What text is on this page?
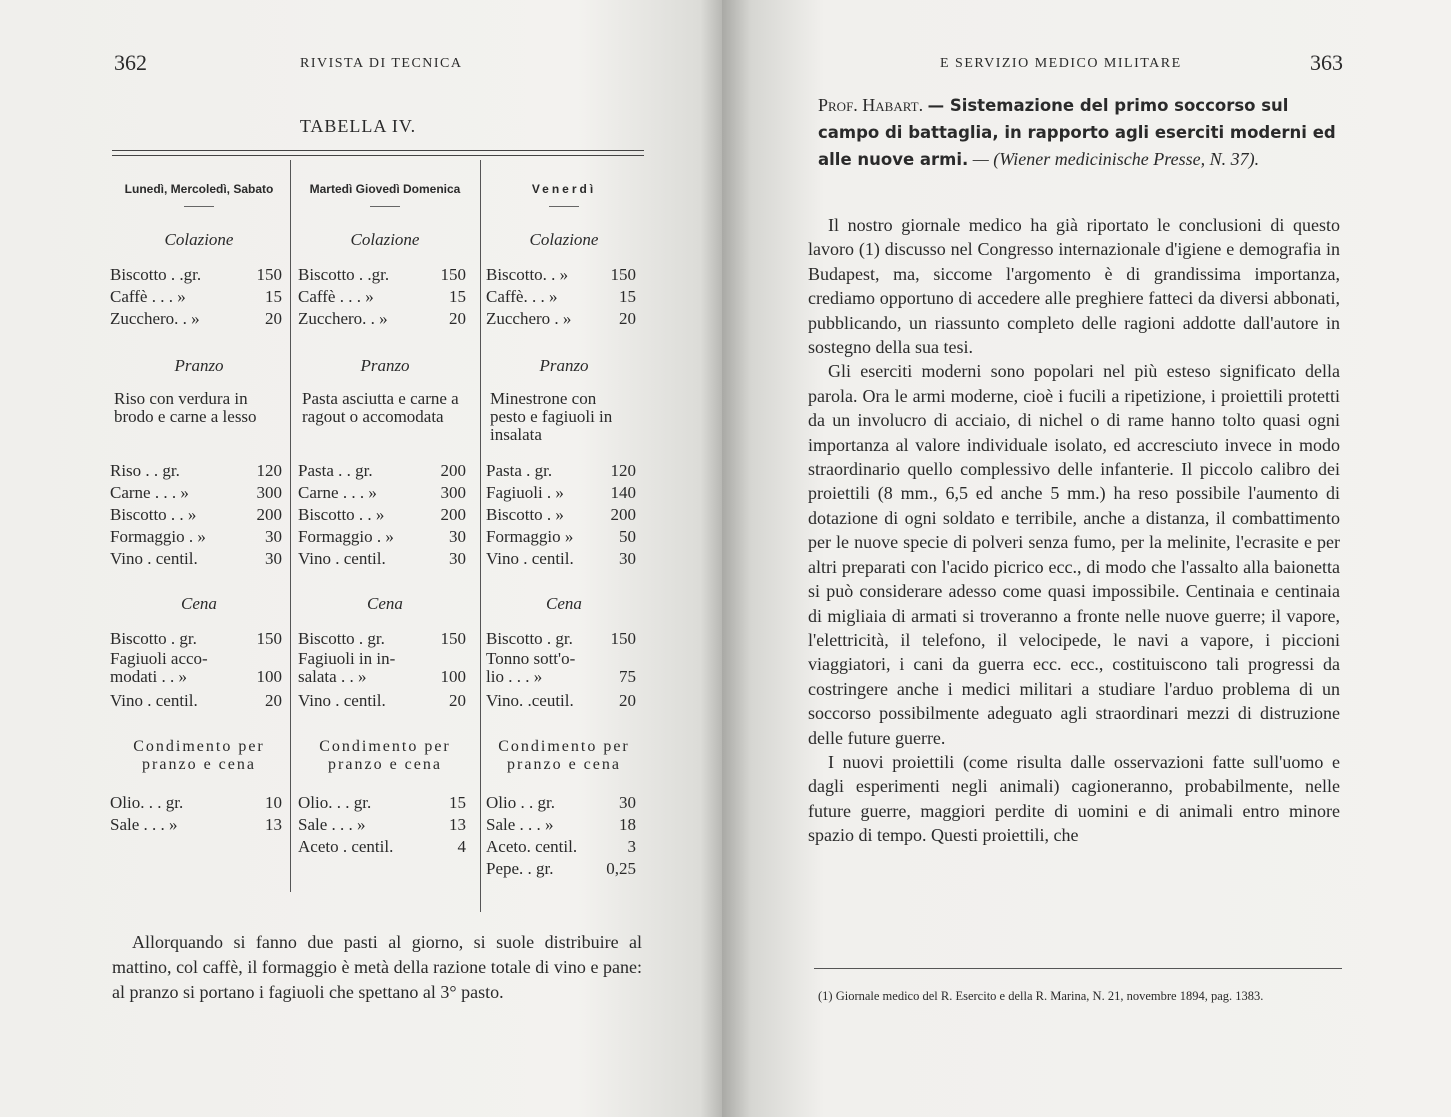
362	RIVISTA DI TECNICA
TABELLA IV.
Lunedì, Mercoledì, Sabato
Colazione
Biscotto . .gr.	150
Caffè . . . »	15
Zucchero. . »	20
Pranzo
Riso con verdura in brodo e carne a lesso
Riso . . gr.	120
Carne . . . »	300
Biscotto . . »	200
Formaggio . »	30
Vino . centil.	30
Cena
Biscotto . gr.	150
Fagiuoli acco-
modati . . »	100
Vino . centil.	20
Condimento per pranzo e cena
Olio. . . gr.	10
Sale . . . »	13
Martedì Giovedì Domenica
Colazione
Biscotto . .gr.	150
Caffè . . . »	15
Zucchero. . »	20
Pranzo
Pasta asciutta e carne a ragout o accomodata
Pasta . . gr.	200
Carne . . . »	300
Biscotto . . »	200
Formaggio . »	30
Vino . centil.	30
Cena
Biscotto . gr.	150
Fagiuoli in in-
salata . . »	100
Vino . centil.	20
Condimento per pranzo e cena
Olio. . . gr.	15
Sale . . . »	13
Aceto . centil.	4
Venerdì
Colazione
Biscotto. . » 150
Caffè. . . »	15
Zucchero . »	20
Pranzo
Minestrone con pesto e fagiuoli in insalata
Pasta . gr.	120
Fagiuoli . »	140
Biscotto . »	200
Formaggio »	50
Vino . centil.	30
Cena
Biscotto . gr. 150
Tonno sott'o-
lio . . . »	75
Vino. .ceutil.	20
Condimento per pranzo e cena
Olio . . gr.	30
Sale . . . »	18
Aceto. centil.	3
Pepe. . gr.	0,25

Allorquando si fanno due pasti al giorno, si suole distribuire al mattino, col caffè, il formaggio è metà della razione totale di vino e pane: al pranzo si portano i fagiuoli che spettano al 3° pasto.

E SERVIZIO MEDICO MILITARE	363
Prof. Habart. — Sistemazione del primo soccorso sul campo di battaglia, in rapporto agli eserciti moderni ed alle nuove armi. — (Wiener medicinische Presse, N. 37).

Il nostro giornale medico ha già riportato le conclusioni di questo lavoro (1) discusso nel Congresso internazionale d'igiene e demografia in Budapest, ma, siccome l'argomento è di grandissima importanza, crediamo opportuno di accedere alle preghiere fatteci da diversi abbonati, pubblicando, un riassunto completo delle ragioni addotte dall'autore in sostegno della sua tesi.

Gli eserciti moderni sono popolari nel più esteso significato della parola. Ora le armi moderne, cioè i fucili a ripetizione, i proiettili protetti da un involucro di acciaio, di nichel o di rame hanno tolto quasi ogni importanza al valore individuale isolato, ed accresciuto invece in modo straordinario quello complessivo delle infanterie. Il piccolo calibro dei proiettili (8 mm., 6,5 ed anche 5 mm.) ha reso possibile l'aumento di dotazione di ogni soldato e terribile, anche a distanza, il combattimento per le nuove specie di polveri senza fumo, per la melinite, l'ecrasite e per altri preparati con l'acido picrico ecc., di modo che l'assalto alla baionetta si può considerare adesso come quasi impossibile. Centinaia e centinaia di migliaia di armati si troveranno a fronte nelle nuove guerre; il vapore, l'elettricità, il telefono, il velocipede, le navi a vapore, i piccioni viaggiatori, i cani da guerra ecc. ecc., costituiscono tali progressi da costringere anche i medici militari a studiare l'arduo problema di un soccorso possibilmente adeguato agli straordinari mezzi di distruzione delle future guerre.

I nuovi proiettili (come risulta dalle osservazioni fatte sull'uomo e dagli esperimenti negli animali) cagioneranno, probabilmente, nelle future guerre, maggiori perdite di uomini e di animali entro minore spazio di tempo. Questi proiettili, che

(1) Giornale medico del R. Esercito e della R. Marina, N. 21, novembre 1894, pag. 1383.
